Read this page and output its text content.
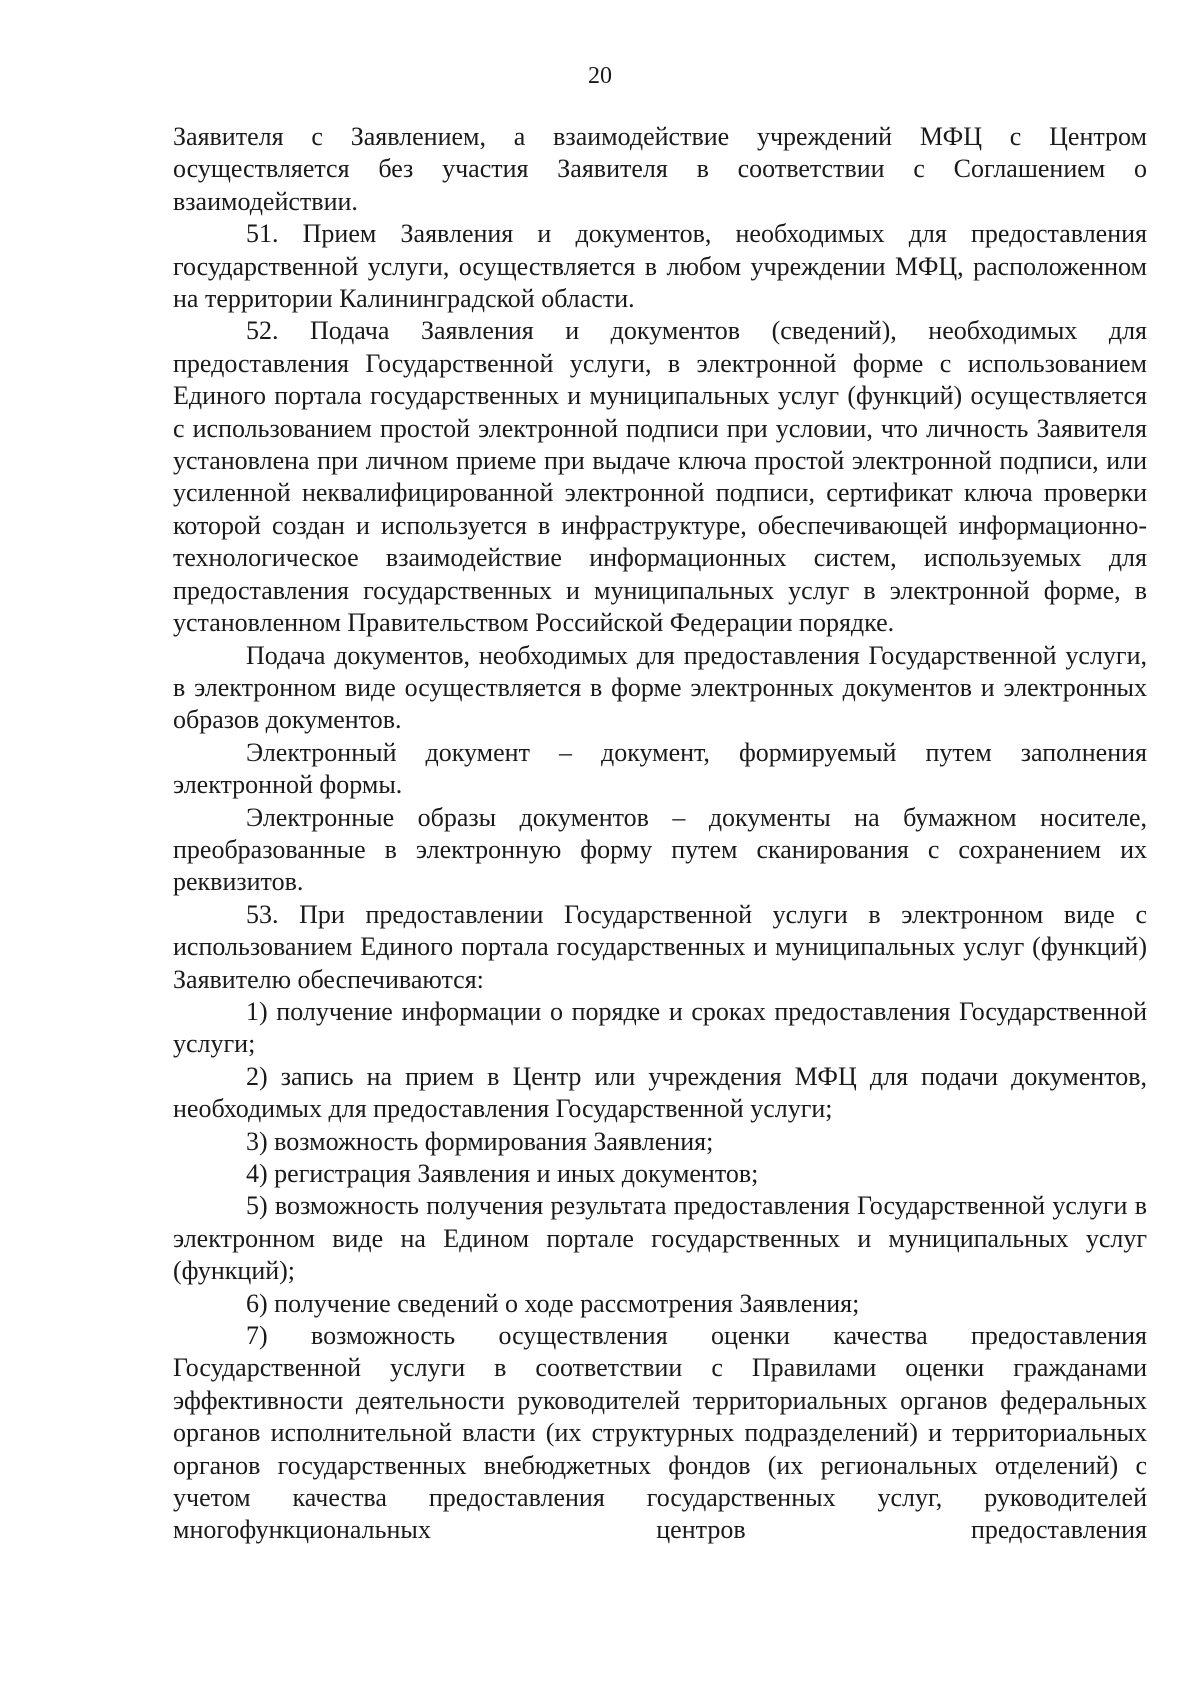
20

Заявителя с Заявлением, а взаимодействие учреждений МФЦ с Центром осуществляется без участия Заявителя в соответствии с Соглашением о взаимодействии.

51. Прием Заявления и документов, необходимых для предоставления государственной услуги, осуществляется в любом учреждении МФЦ, расположенном на территории Калининградской области.

52. Подача Заявления и документов (сведений), необходимых для предоставления Государственной услуги, в электронной форме с использованием Единого портала государственных и муниципальных услуг (функций) осуществляется с использованием простой электронной подписи при условии, что личность Заявителя установлена при личном приеме при выдаче ключа простой электронной подписи, или усиленной неквалифицированной электронной подписи, сертификат ключа проверки которой создан и используется в инфраструктуре, обеспечивающей информационно-технологическое взаимодействие информационных систем, используемых для предоставления государственных и муниципальных услуг в электронной форме, в установленном Правительством Российской Федерации порядке.

Подача документов, необходимых для предоставления Государственной услуги, в электронном виде осуществляется в форме электронных документов и электронных образов документов.

Электронный документ – документ, формируемый путем заполнения электронной формы.

Электронные образы документов – документы на бумажном носителе, преобразованные в электронную форму путем сканирования с сохранением их реквизитов.

53. При предоставлении Государственной услуги в электронном виде с использованием Единого портала государственных и муниципальных услуг (функций) Заявителю обеспечиваются:

1) получение информации о порядке и сроках предоставления Государственной услуги;

2) запись на прием в Центр или учреждения МФЦ для подачи документов, необходимых для предоставления Государственной услуги;

3) возможность формирования Заявления;

4) регистрация Заявления и иных документов;

5) возможность получения результата предоставления Государственной услуги в электронном виде на Едином портале государственных и муниципальных услуг (функций);

6) получение сведений о ходе рассмотрения Заявления;

7) возможность осуществления оценки качества предоставления Государственной услуги в соответствии с Правилами оценки гражданами эффективности деятельности руководителей территориальных органов федеральных органов исполнительной власти (их структурных подразделений) и территориальных органов государственных внебюджетных фондов (их региональных отделений) с учетом качества предоставления государственных услуг, руководителей многофункциональных центров предоставления
